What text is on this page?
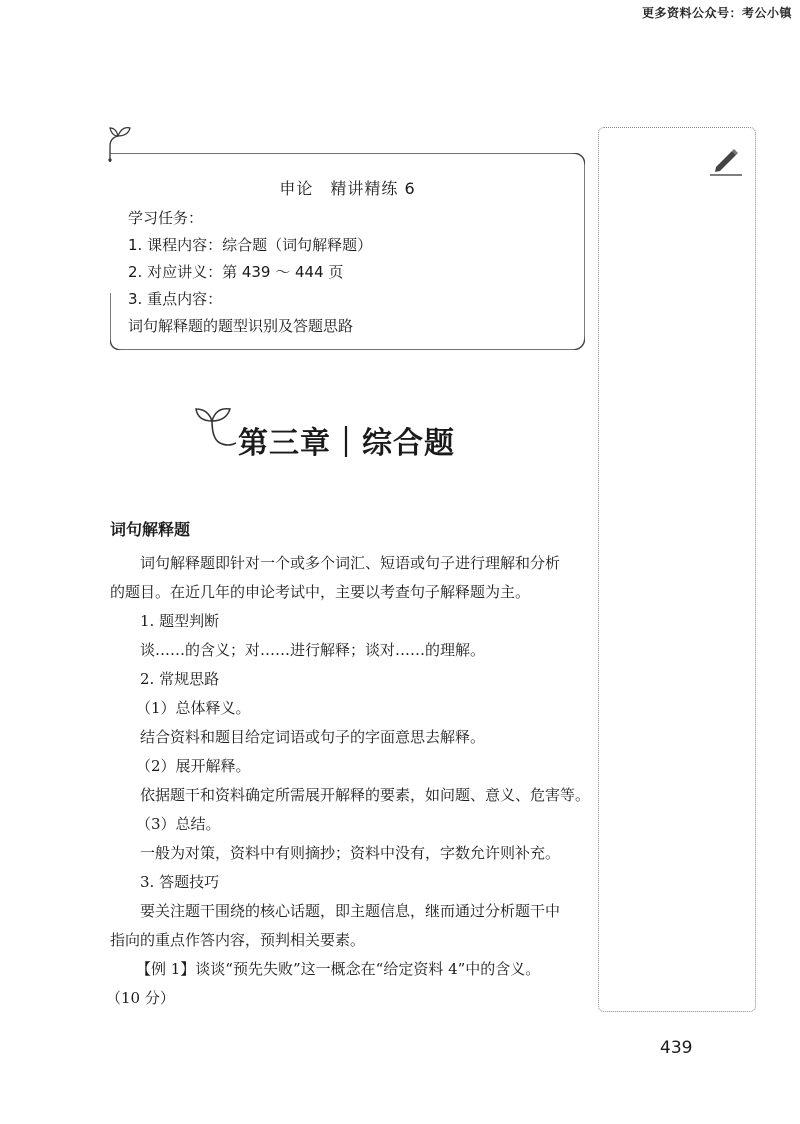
更多资料公众号：考公小镇
申论　精讲精练 6
学习任务：
1. 课程内容：综合题（词句解释题）
2. 对应讲义：第 439 ～ 444 页
3. 重点内容：
词句解释题的题型识别及答题思路
第三章｜综合题
词句解释题
词句解释题即针对一个或多个词汇、短语或句子进行理解和分析
的题目。在近几年的申论考试中，主要以考查句子解释题为主。
1. 题型判断
谈……的含义；对……进行解释；谈对……的理解。
2. 常规思路
（1）总体释义。
结合资料和题目给定词语或句子的字面意思去解释。
（2）展开解释。
依据题干和资料确定所需展开解释的要素，如问题、意义、危害等。
（3）总结。
一般为对策，资料中有则摘抄；资料中没有，字数允许则补充。
3. 答题技巧
要关注题干围绕的核心话题，即主题信息，继而通过分析题干中
指向的重点作答内容，预判相关要素。
【例 1】谈谈“预先失败”这一概念在“给定资料 4”中的含义。
（10 分）
439
